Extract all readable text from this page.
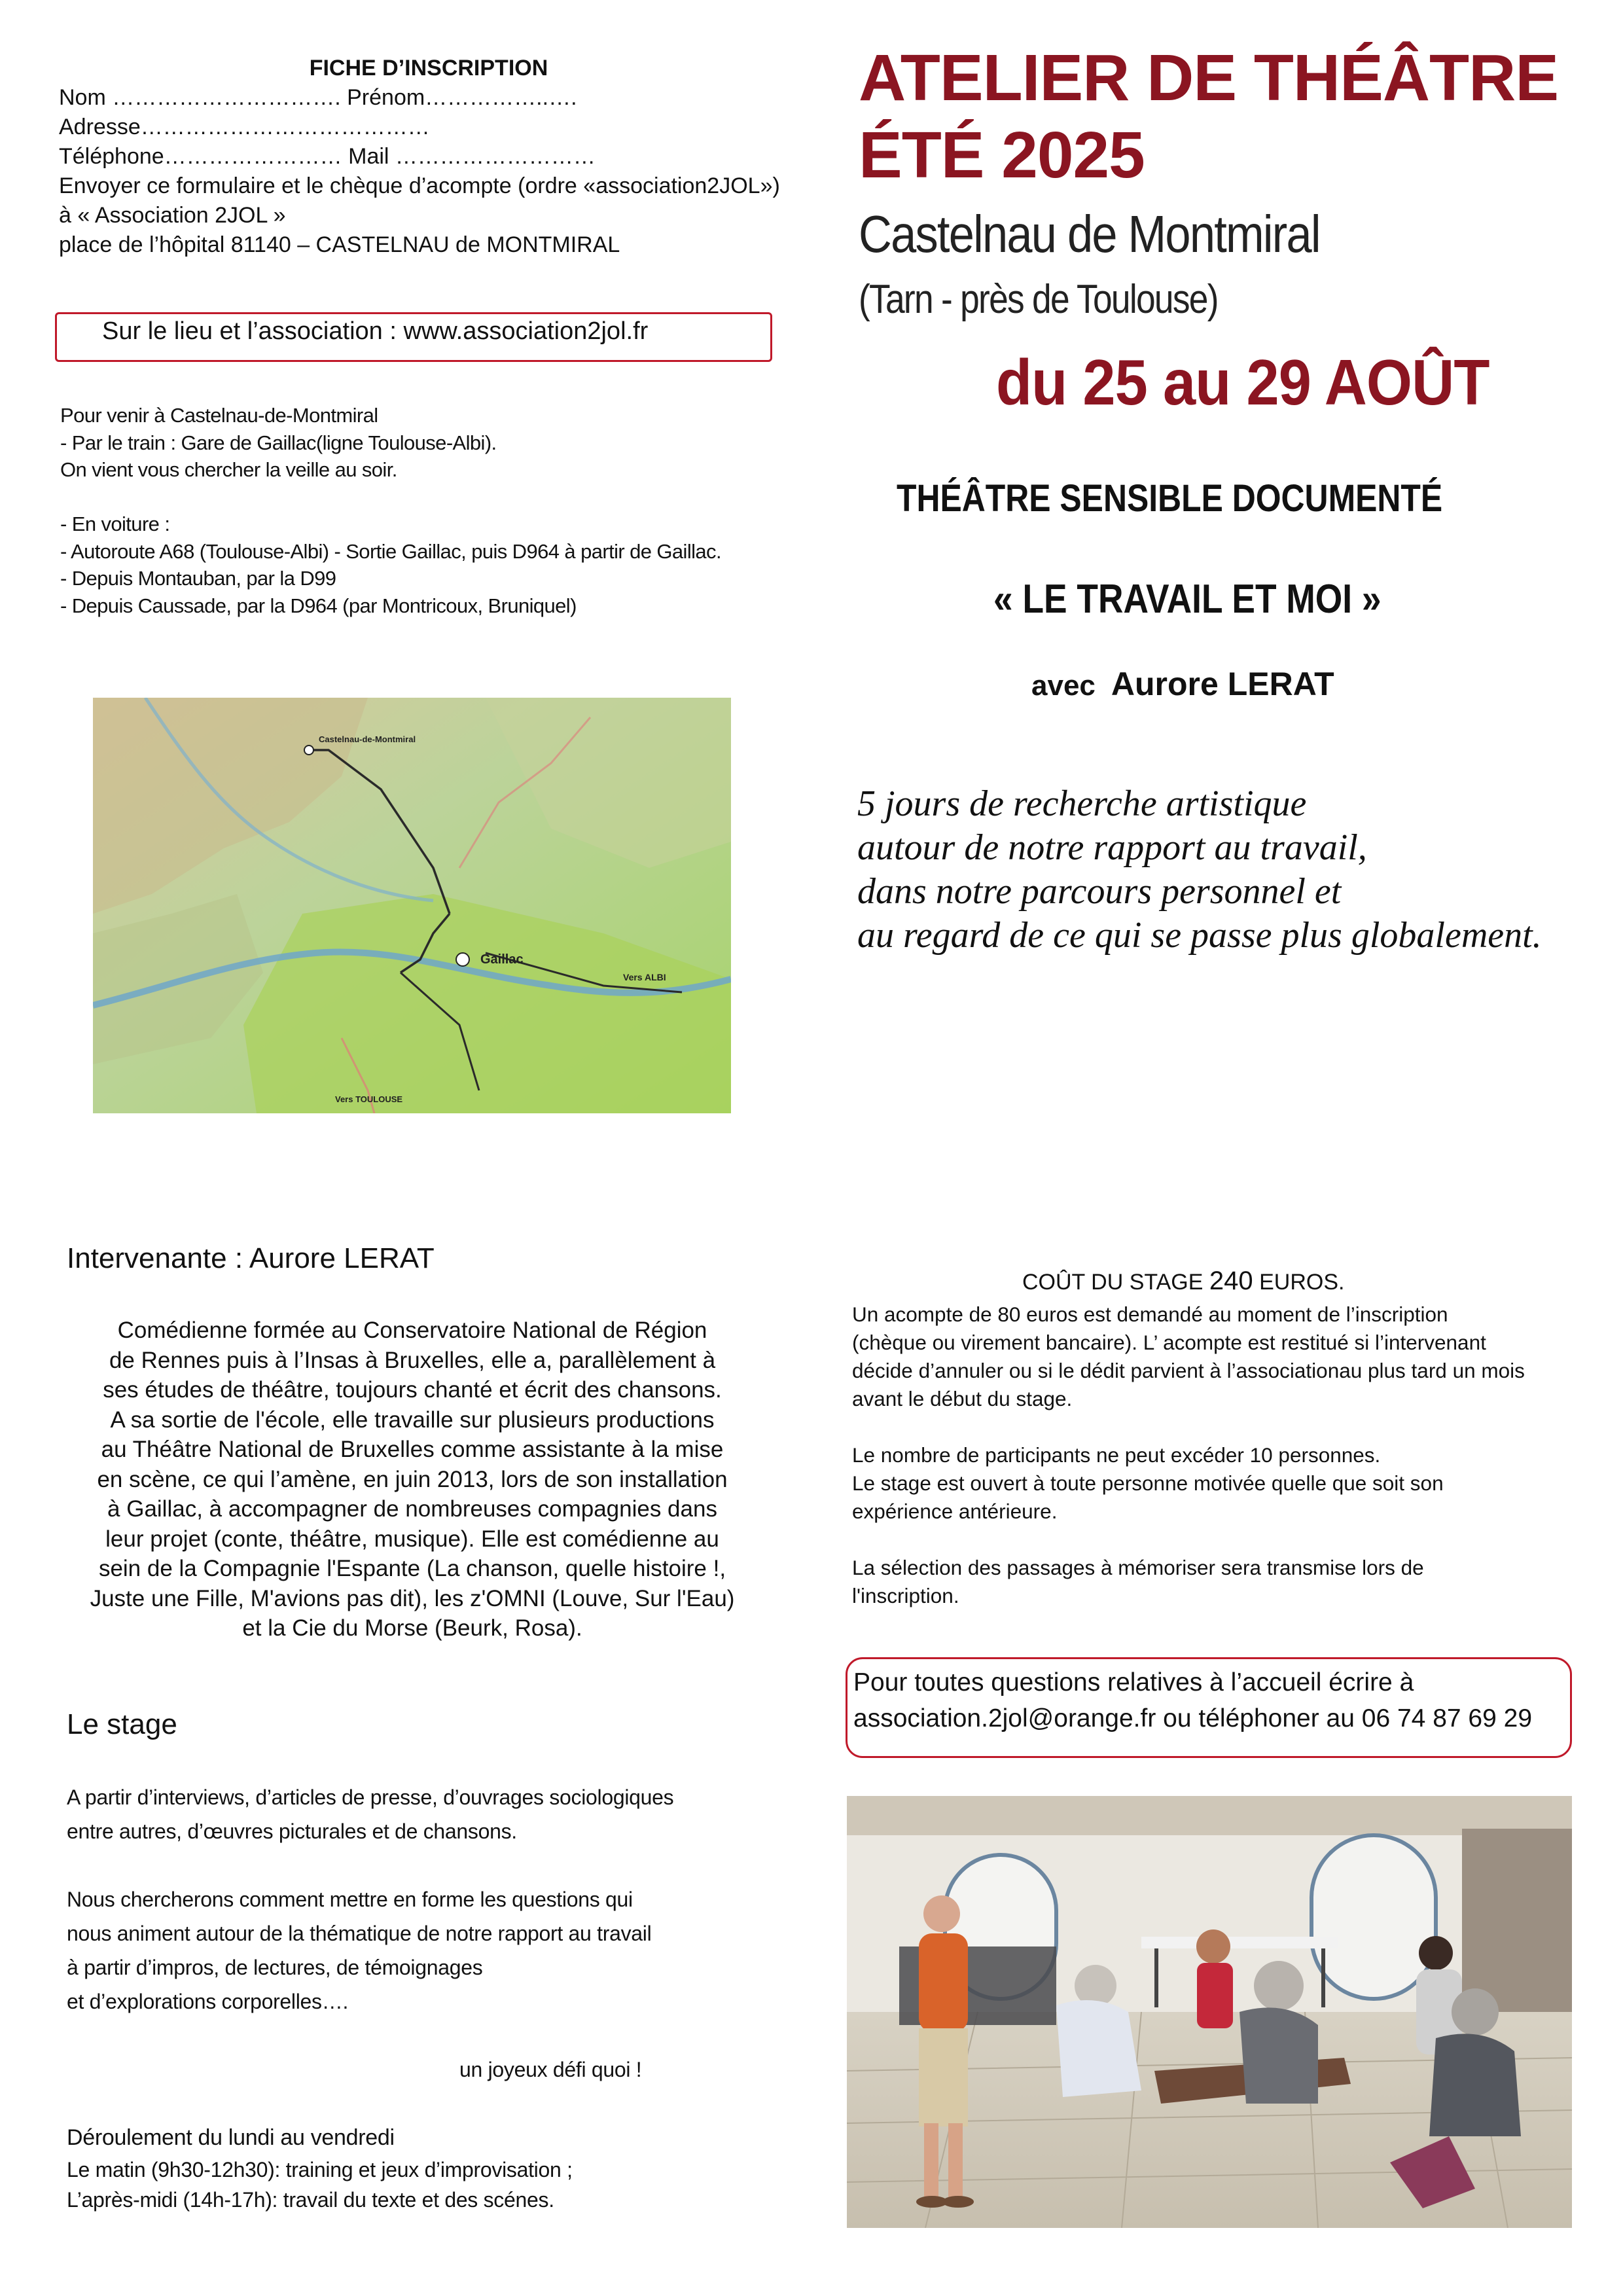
FICHE D’INSCRIPTION
Nom …………………………. Prénom……………..….
Adresse…………………………………
Téléphone…………………… Mail ………………………
Envoyer ce formulaire et le chèque d’acompte (ordre «association2JOL»)
à « Association 2JOL »
place de l’hôpital 81140 – CASTELNAU de MONTMIRAL
Sur le lieu et l’association : www.association2jol.fr
Pour venir à Castelnau-de-Montmiral
- Par le train : Gare de Gaillac(ligne Toulouse-Albi).
On vient vous chercher la veille au soir.

- En voiture :
- Autoroute A68 (Toulouse-Albi) - Sortie Gaillac, puis D964 à partir de Gaillac.
- Depuis Montauban, par la D99
- Depuis Caussade, par la D964 (par Montricoux, Bruniquel)
Castelnau-de-Montmiral
Gaillac
Vers ALBI
Vers TOULOUSE
ATELIER DE THÉÂTRE
ÉTÉ 2025
Castelnau de Montmiral
(Tarn - près de Toulouse)
du 25 au 29 AOÛT
THÉÂTRE SENSIBLE DOCUMENTÉ
« LE TRAVAIL ET MOI »
avec Aurore LERAT
5 jours de recherche artistique
autour de notre rapport au travail,
dans notre parcours personnel et
au regard de ce qui se passe plus globalement.
Intervenante : Aurore LERAT
Comédienne formée au Conservatoire National de Région
de Rennes puis à l’Insas à Bruxelles, elle a, parallèlement à
ses études de théâtre, toujours chanté et écrit des chansons.
A sa sortie de l'école, elle travaille sur plusieurs productions
au Théâtre National de Bruxelles comme assistante à la mise
en scène, ce qui l’amène, en juin 2013, lors de son installation
à Gaillac, à accompagner de nombreuses compagnies dans
leur projet (conte, théâtre, musique). Elle est comédienne au
sein de la Compagnie l'Espante (La chanson, quelle histoire !,
Juste une Fille, M'avions pas dit), les z'OMNI (Louve, Sur l'Eau)
et la Cie du Morse (Beurk, Rosa).
Le stage
A partir d’interviews, d’articles de presse, d’ouvrages sociologiques
entre autres, d’œuvres picturales et de chansons.

Nous chercherons comment mettre en forme les questions qui
nous animent autour de la thématique de notre rapport au travail
à partir d’impros, de lectures, de témoignages
et d’explorations corporelles….

un joyeux défi quoi !

Déroulement du lundi au vendredi
Le matin (9h30-12h30): training et jeux d’improvisation ;
L’après-midi (14h-17h): travail du texte et des scénes.
COÛT DU STAGE 240 EUROS.
Un acompte de 80 euros est demandé au moment de l’inscription
(chèque ou virement bancaire). L’ acompte est restitué si l’intervenant
décide d’annuler ou si le dédit parvient à l’associationau plus tard un mois
avant le début du stage.

Le nombre de participants ne peut excéder 10 personnes.
Le stage est ouvert à toute personne motivée quelle que soit son
expérience antérieure.

La sélection des passages à mémoriser sera transmise lors de
l'inscription.
Pour toutes questions relatives à l’accueil écrire à
association.2jol@orange.fr ou téléphoner au 06 74 87 69 29
